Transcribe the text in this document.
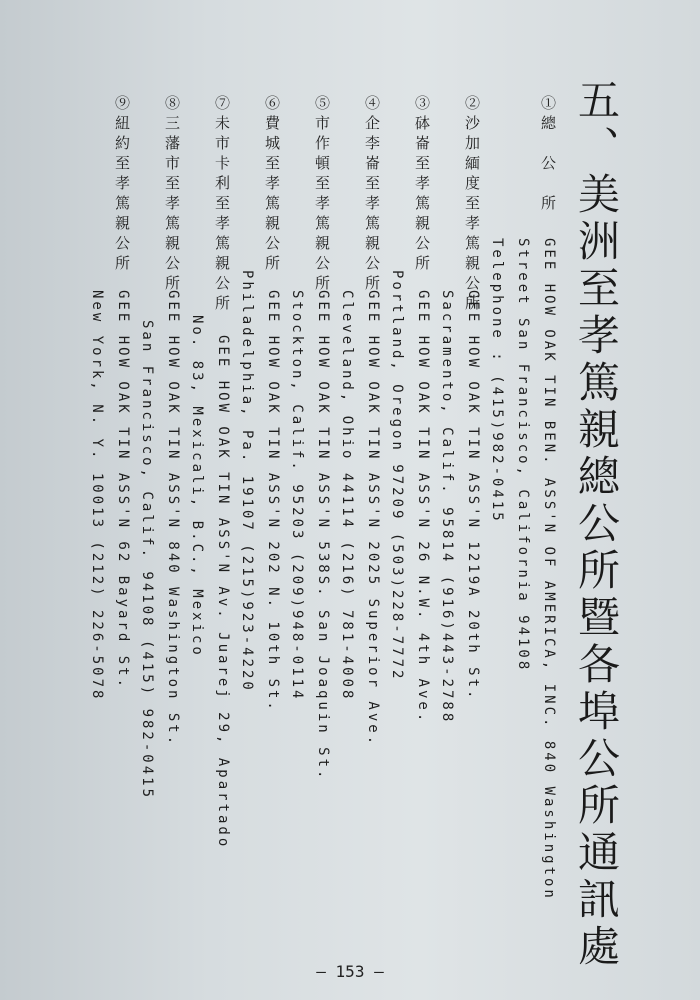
五、美洲至孝篤親總公所暨各埠公所通訊處
①總　公　所
GEE HOW OAK TIN BEN. ASS'N OF AMERICA, INC. 840 Washington
Street San Francisco, California 94108
Telephone : (415)982-0415
②沙加緬度至孝篤親公所
GEE HOW OAK TIN ASS'N 1219A 20th St.
Sacramento, Calif. 95814 (916)443-2788
③砵崙至孝篤親公所
GEE HOW OAK TIN ASS'N 26 N.W. 4th Ave.
Portland, Oregon 97209 (503)228-7772
④企李崙至孝篤親公所
GEE HOW OAK TIN ASS'N 2025 Superior Ave.
Cleveland, Ohio 44114 (216) 781-4008
⑤市作頓至孝篤親公所
GEE HOW OAK TIN ASS'N 538S. San Joaquin St.
Stockton, Calif. 95203 (209)948-0114
⑥費城至孝篤親公所
GEE HOW OAK TIN ASS'N 202 N. 10th St.
Philadelphia, Pa. 19107 (215)923-4220
⑦未市卡利至孝篤親公所
GEE HOW OAK TIN ASS'N Av. Juarej 29, Apartado
No. 83, Mexicali, B.C., Mexico
⑧三藩市至孝篤親公所
GEE HOW OAK TIN ASS'N 840 Washington St.
San Francisco, Calif. 94108 (415) 982-0415
⑨紐約至孝篤親公所
GEE HOW OAK TIN ASS'N 62 Bayard St.
New York, N. Y. 10013 (212) 226-5078
— 153 —
